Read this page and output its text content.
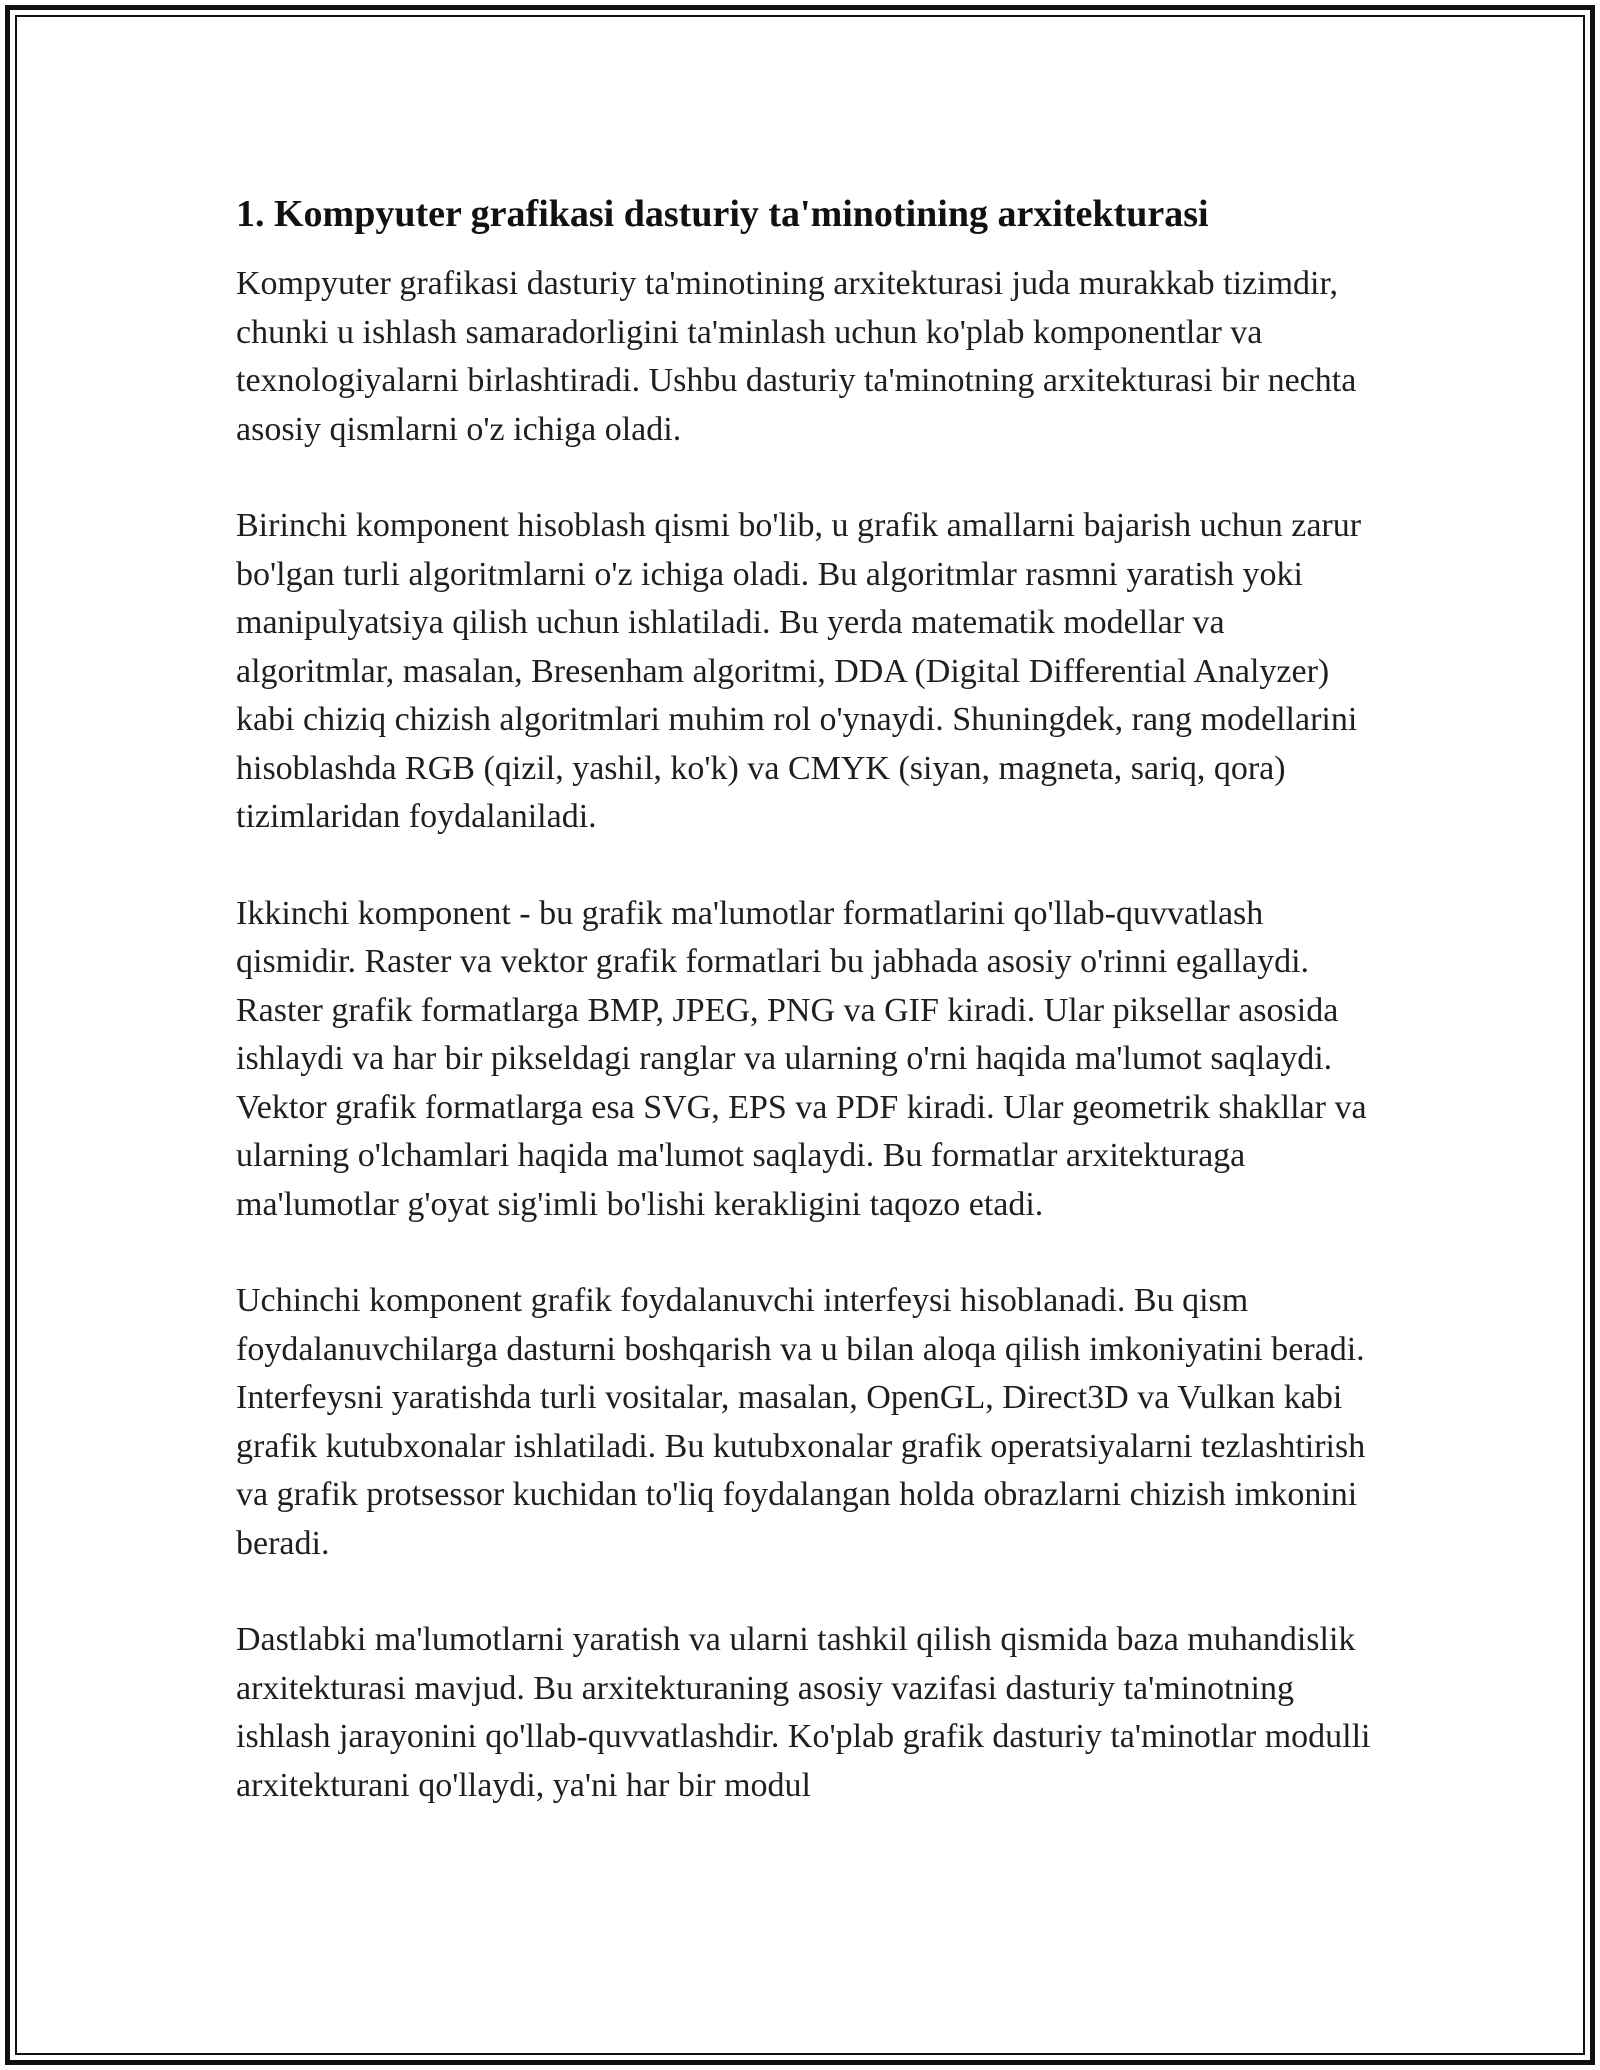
1. Kompyuter grafikasi dasturiy ta'minotining arxitekturasi

Kompyuter grafikasi dasturiy ta'minotining arxitekturasi juda murakkab tizimdir, chunki u ishlash samaradorligini ta'minlash uchun ko'plab komponentlar va texnologiyalarni birlashtiradi. Ushbu dasturiy ta'minotning arxitekturasi bir nechta asosiy qismlarni o'z ichiga oladi.

Birinchi komponent hisoblash qismi bo'lib, u grafik amallarni bajarish uchun zarur bo'lgan turli algoritmlarni o'z ichiga oladi. Bu algoritmlar rasmni yaratish yoki manipulyatsiya qilish uchun ishlatiladi. Bu yerda matematik modellar va algoritmlar, masalan, Bresenham algoritmi, DDA (Digital Differential Analyzer) kabi chiziq chizish algoritmlari muhim rol o'ynaydi. Shuningdek, rang modellarini hisoblashda RGB (qizil, yashil, ko'k) va CMYK (siyan, magneta, sariq, qora) tizimlaridan foydalaniladi.

Ikkinchi komponent - bu grafik ma'lumotlar formatlarini qo'llab-quvvatlash qismidir. Raster va vektor grafik formatlari bu jabhada asosiy o'rinni egallaydi. Raster grafik formatlarga BMP, JPEG, PNG va GIF kiradi. Ular piksellar asosida ishlaydi va har bir pikseldagi ranglar va ularning o'rni haqida ma'lumot saqlaydi. Vektor grafik formatlarga esa SVG, EPS va PDF kiradi. Ular geometrik shakllar va ularning o'lchamlari haqida ma'lumot saqlaydi. Bu formatlar arxitekturaga ma'lumotlar g'oyat sig'imli bo'lishi kerakligini taqozo etadi.

Uchinchi komponent grafik foydalanuvchi interfeysi hisoblanadi. Bu qism foydalanuvchilarga dasturni boshqarish va u bilan aloqa qilish imkoniyatini beradi. Interfeysni yaratishda turli vositalar, masalan, OpenGL, Direct3D va Vulkan kabi grafik kutubxonalar ishlatiladi. Bu kutubxonalar grafik operatsiyalarni tezlashtirish va grafik protsessor kuchidan to'liq foydalangan holda obrazlarni chizish imkonini beradi.

Dastlabki ma'lumotlarni yaratish va ularni tashkil qilish qismida baza muhandislik arxitekturasi mavjud. Bu arxitekturaning asosiy vazifasi dasturiy ta'minotning ishlash jarayonini qo'llab-quvvatlashdir. Ko'plab grafik dasturiy ta'minotlar modulli arxitekturani qo'llaydi, ya'ni har bir modul
